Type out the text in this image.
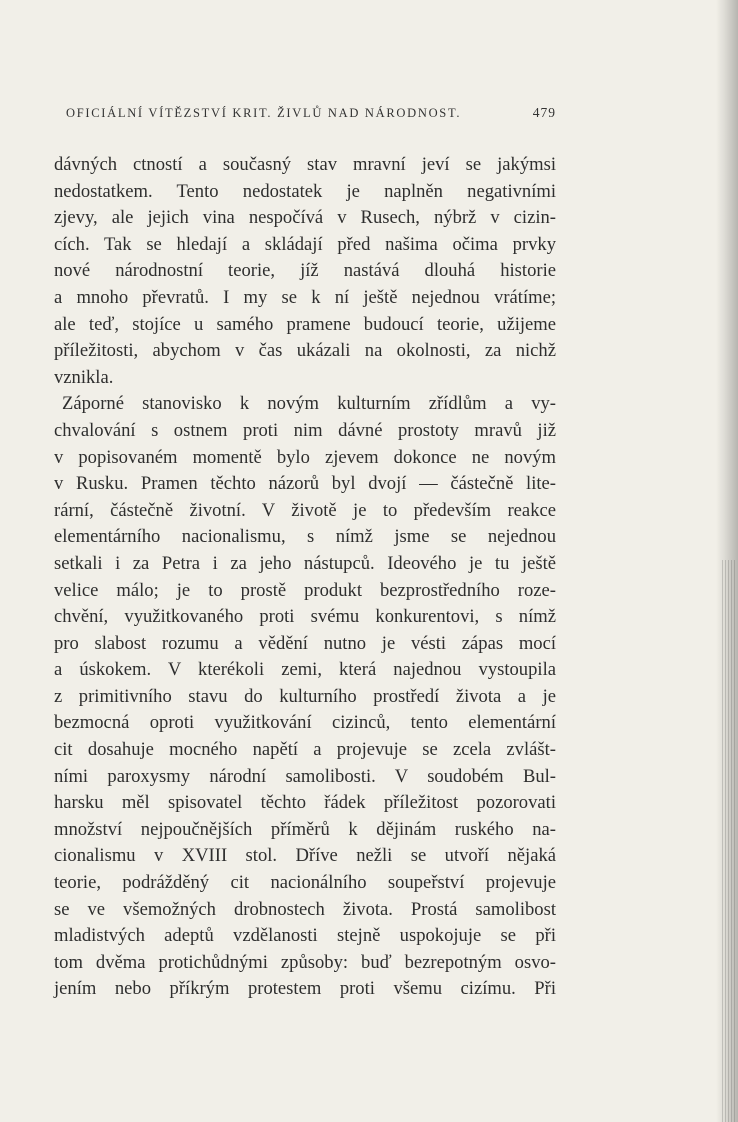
OFICIÁLNÍ VÍTĚZSTVÍ KRIT. ŽIVLŮ NAD NÁRODNOST.	479
dávných ctností a současný stav mravní jeví se jakýmsi
nedostatkem. Tento nedostatek je naplněn negativními
zjevy, ale jejich vina nespočívá v Rusech, nýbrž v cizin-
cích. Tak se hledají a skládají před našima očima prvky
nové národnostní teorie, jíž nastává dlouhá historie
a mnoho převratů. I my se k ní ještě nejednou vrátíme;
ale teď, stojíce u samého pramene budoucí teorie, užijeme
příležitosti, abychom v čas ukázali na okolnosti, za nichž
vznikla.
Záporné stanovisko k novým kulturním zřídlům a vy-
chvalování s ostnem proti nim dávné prostoty mravů již
v popisovaném momentě bylo zjevem dokonce ne novým
v Rusku. Pramen těchto názorů byl dvojí — částečně lite-
rární, částečně životní. V životě je to především reakce
elementárního nacionalismu, s nímž jsme se nejednou
setkali i za Petra i za jeho nástupců. Ideového je tu ještě
velice málo; je to prostě produkt bezprostředního roze-
chvění, využitkovaného proti svému konkurentovi, s nímž
pro slabost rozumu a vědění nutno je vésti zápas mocí
a úskokem. V kterékoli zemi, která najednou vystoupila
z primitivního stavu do kulturního prostředí života a je
bezmocná oproti využitkování cizinců, tento elementární
cit dosahuje mocného napětí a projevuje se zcela zvlášt-
ními paroxysmy národní samolibosti. V soudobém Bul-
harsku měl spisovatel těchto řádek příležitost pozorovati
množství nejpoučnějších příměrů k dějinám ruského na-
cionalismu v XVIII stol. Dříve nežli se utvoří nějaká
teorie, podrážděný cit nacionálního soupeřství projevuje
se ve všemožných drobnostech života. Prostá samolibost
mladistvých adeptů vzdělanosti stejně uspokojuje se při
tom dvěma protichůdnými způsoby: buď bezrepotným osvo-
jením nebo příkrým protestem proti všemu cizímu. Při
